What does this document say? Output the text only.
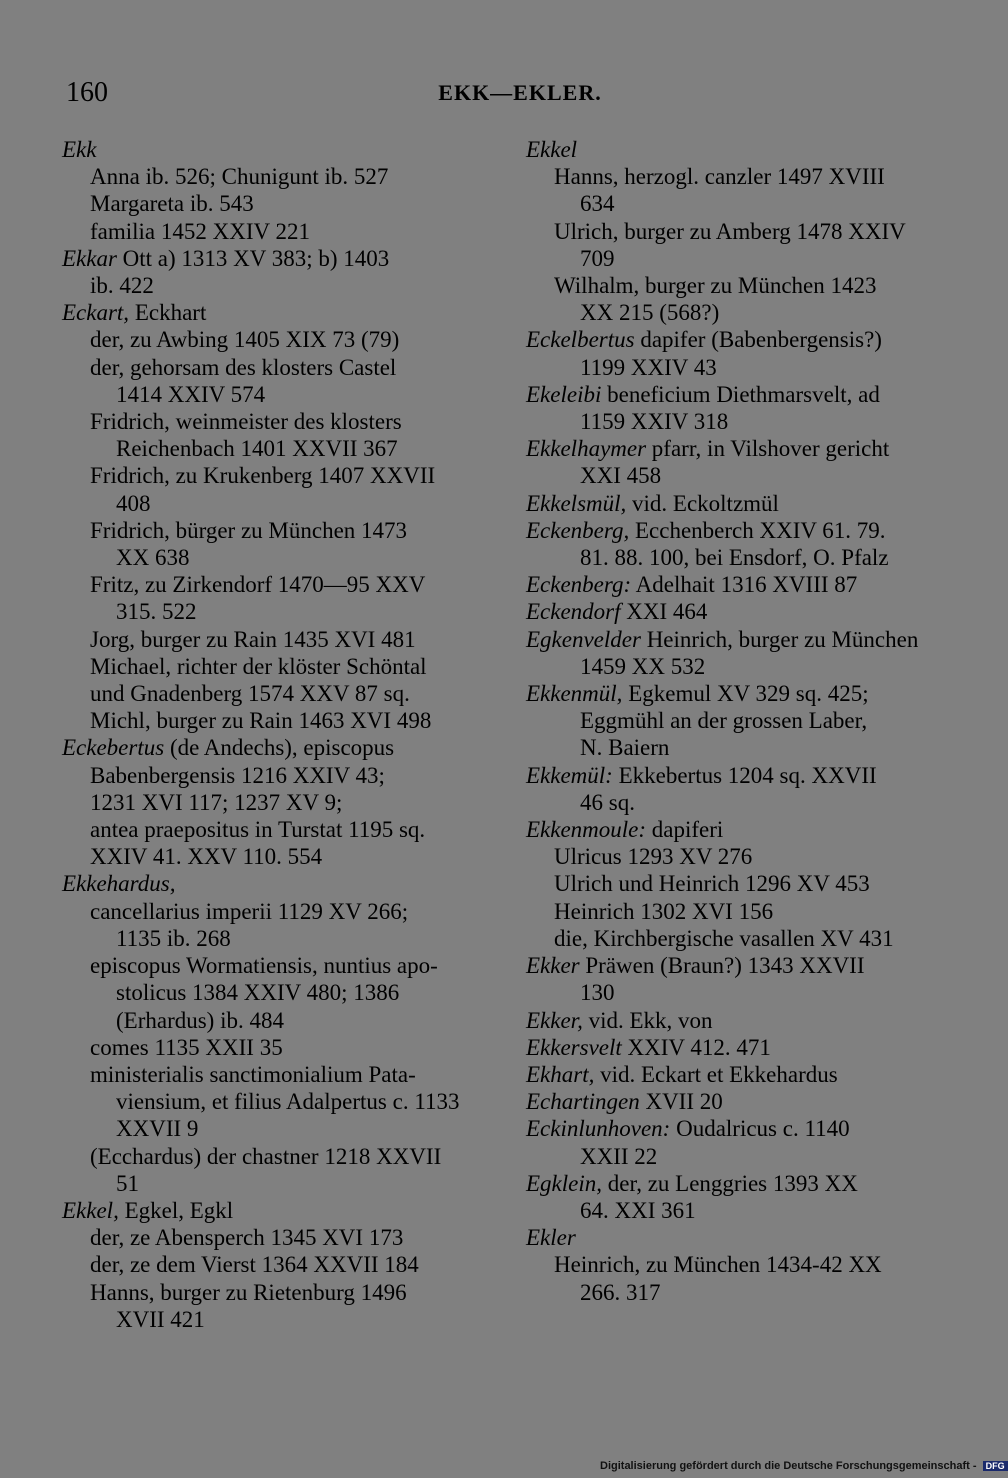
160	EKK—EKLER.
Ekk
Anna ib. 526; Chunigunt ib. 527
Margareta ib. 543
familia 1452 XXIV 221
Ekkar Ott a) 1313 XV 383; b) 1403
ib. 422
Eckart, Eckhart
der, zu Awbing 1405 XIX 73 (79)
der, gehorsam des klosters Castel
1414 XXIV 574
Fridrich, weinmeister des klosters
Reichenbach 1401 XXVII 367
Fridrich, zu Krukenberg 1407 XXVII
408
Fridrich, bürger zu München 1473
XX 638
Fritz, zu Zirkendorf 1470—95 XXV
315. 522
Jorg, burger zu Rain 1435 XVI 481
Michael, richter der klöster Schöntal
und Gnadenberg 1574 XXV 87 sq.
Michl, burger zu Rain 1463 XVI 498
Eckebertus (de Andechs), episcopus
Babenbergensis 1216 XXIV 43;
1231 XVI 117; 1237 XV 9;
antea praepositus in Turstat 1195 sq.
XXIV 41. XXV 110. 554
Ekkehardus,
cancellarius imperii 1129 XV 266;
1135 ib. 268
episcopus Wormatiensis, nuntius apo-
stolicus 1384 XXIV 480; 1386
(Erhardus) ib. 484
comes 1135 XXII 35
ministerialis sanctimonialium Pata-
viensium, et filius Adalpertus c. 1133
XXVII 9
(Ecchardus) der chastner 1218 XXVII
51
Ekkel, Egkel, Egkl
der, ze Abensperch 1345 XVI 173
der, ze dem Vierst 1364 XXVII 184
Hanns, burger zu Rietenburg 1496
XVII 421
Ekkel
Hanns, herzogl. canzler 1497 XVIII
634
Ulrich, burger zu Amberg 1478 XXIV
709
Wilhalm, burger zu München 1423
XX 215 (568?)
Eckelbertus dapifer (Babenbergensis?)
1199 XXIV 43
Ekeleibi beneficium Diethmarsvelt, ad
1159 XXIV 318
Ekkelhaymer pfarr, in Vilshover gericht
XXI 458
Ekkelsmül, vid. Eckoltzmül
Eckenberg, Ecchenberch XXIV 61. 79.
81. 88. 100, bei Ensdorf, O. Pfalz
Eckenberg: Adelhait 1316 XVIII 87
Eckendorf XXI 464
Egkenvelder Heinrich, burger zu München
1459 XX 532
Ekkenmül, Egkemul XV 329 sq. 425;
Eggmühl an der grossen Laber,
N. Baiern
Ekkemül: Ekkebertus 1204 sq. XXVII
46 sq.
Ekkenmoule: dapiferi
Ulricus 1293 XV 276
Ulrich und Heinrich 1296 XV 453
Heinrich 1302 XVI 156
die, Kirchbergische vasallen XV 431
Ekker Präwen (Braun?) 1343 XXVII
130
Ekker, vid. Ekk, von
Ekkersvelt XXIV 412. 471
Ekhart, vid. Eckart et Ekkehardus
Echartingen XVII 20
Eckinlunhoven: Oudalricus c. 1140
XXII 22
Egklein, der, zu Lenggries 1393 XX
64. XXI 361
Ekler
Heinrich, zu München 1434-42 XX
266. 317
Digitalisierung gefördert durch die Deutsche Forschungsgemeinschaft - DFG
